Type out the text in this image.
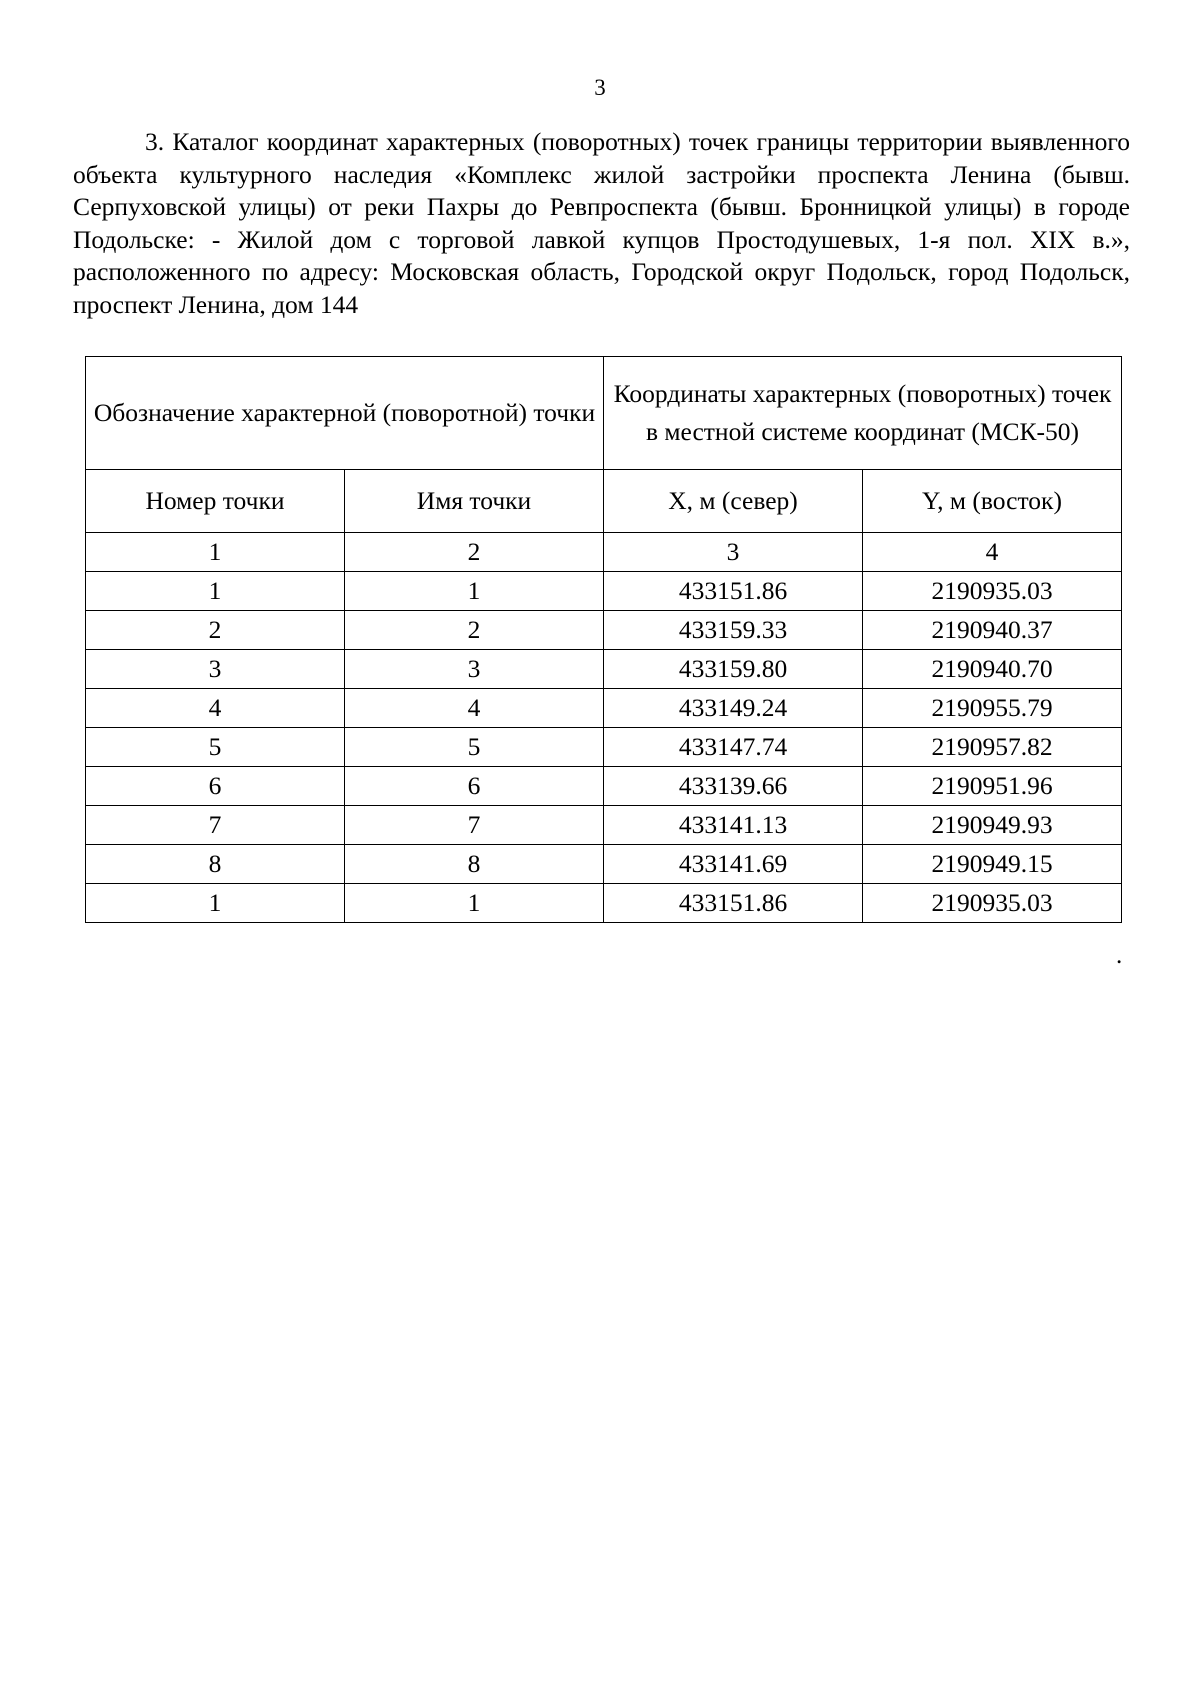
3

3. Каталог координат характерных (поворотных) точек границы территории выявленного объекта культурного наследия «Комплекс жилой застройки проспекта Ленина (бывш. Серпуховской улицы) от реки Пахры до Ревпроспекта (бывш. Бронницкой улицы) в городе Подольске: - Жилой дом с торговой лавкой купцов Простодушевых, 1-я пол. XIX в.», расположенного по адресу: Московская область, Городской округ Подольск, город Подольск, проспект Ленина, дом 144

Обозначение характерной (поворотной) точки		Координаты характерных (поворотных) точек в местной системе координат (МСК-50)	
Номер точки	Имя точки	X, м (север)	Y, м (восток)
1	2	3	4
1	1	433151.86	2190935.03
2	2	433159.33	2190940.37
3	3	433159.80	2190940.70
4	4	433149.24	2190955.79
5	5	433147.74	2190957.82
6	6	433139.66	2190951.96
7	7	433141.13	2190949.93
8	8	433141.69	2190949.15
1	1	433151.86	2190935.03
.
